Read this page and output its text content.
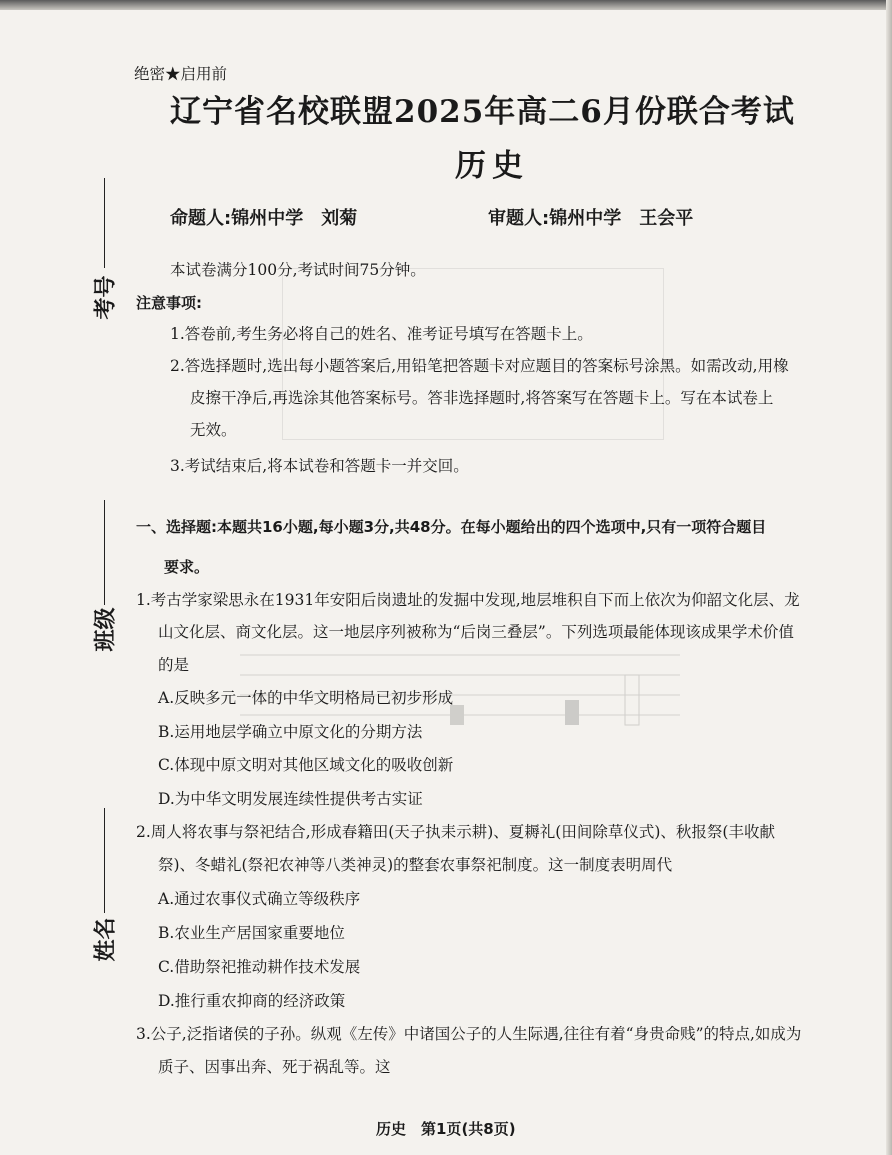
绝密★启用前
辽宁省名校联盟2025年高二6月份联合考试
历史
命题人:锦州中学　刘菊	审题人:锦州中学　王会平
本试卷满分100分,考试时间75分钟。
注意事项:
1.答卷前,考生务必将自己的姓名、准考证号填写在答题卡上。
2.答选择题时,选出每小题答案后,用铅笔把答题卡对应题目的答案标号涂黑。如需改动,用橡
皮擦干净后,再选涂其他答案标号。答非选择题时,将答案写在答题卡上。写在本试卷上
无效。
3.考试结束后,将本试卷和答题卡一并交回。
一、选择题:本题共16小题,每小题3分,共48分。在每小题给出的四个选项中,只有一项符合题目
要求。
1.考古学家梁思永在1931年安阳后岗遗址的发掘中发现,地层堆积自下而上依次为仰韶文化层、龙
山文化层、商文化层。这一地层序列被称为“后岗三叠层”。下列选项最能体现该成果学术价值
的是
A.反映多元一体的中华文明格局已初步形成
B.运用地层学确立中原文化的分期方法
C.体现中原文明对其他区域文化的吸收创新
D.为中华文明发展连续性提供考古实证
2.周人将农事与祭祀结合,形成春籍田(天子执耒示耕)、夏耨礼(田间除草仪式)、秋报祭(丰收献
祭)、冬蜡礼(祭祀农神等八类神灵)的整套农事祭祀制度。这一制度表明周代
A.通过农事仪式确立等级秩序
B.农业生产居国家重要地位
C.借助祭祀推动耕作技术发展
D.推行重农抑商的经济政策
3.公子,泛指诸侯的子孙。纵观《左传》中诸国公子的人生际遇,往往有着“身贵命贱”的特点,如成为
质子、因事出奔、死于祸乱等。这
考号
班级
姓名
历史　第1页(共8页)
